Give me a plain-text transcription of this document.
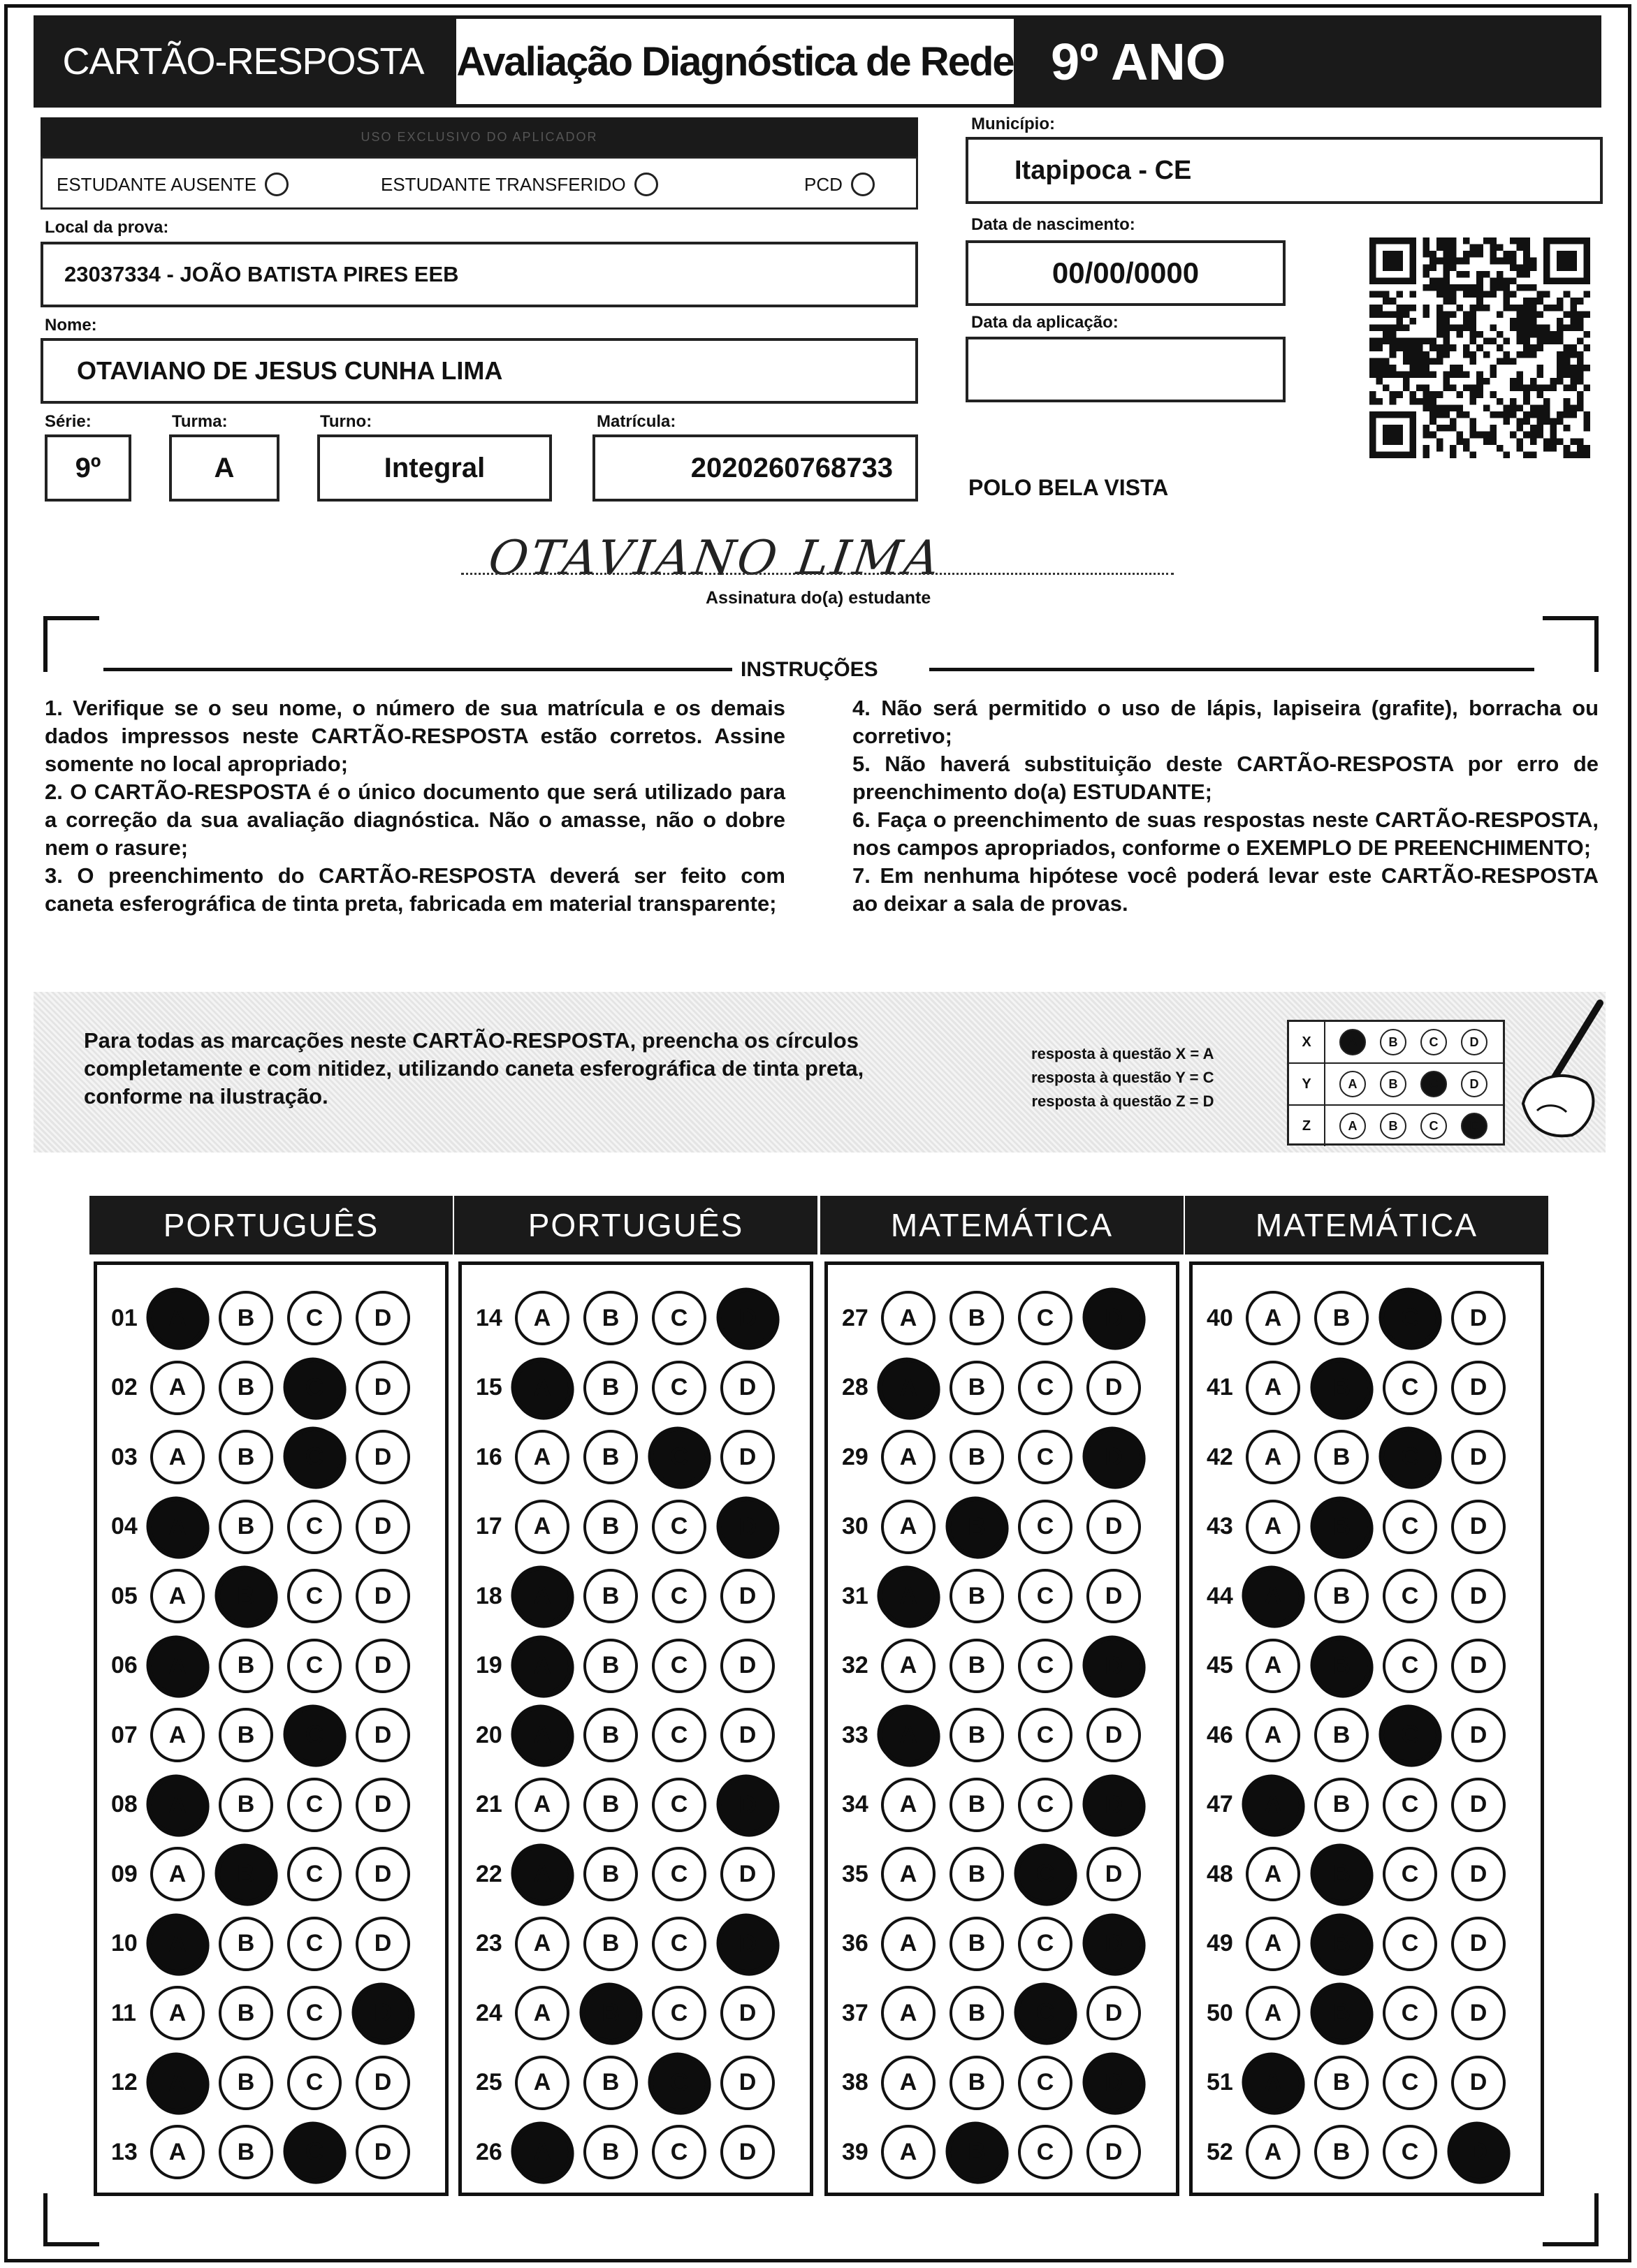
CARTÃO-RESPOSTA Avaliação Diagnóstica de Rede 9º ANO
USO EXCLUSIVO DO APLICADOR
ESTUDANTE AUSENTE	ESTUDANTE TRANSFERIDO	PCD
Local da prova:
23037334 - JOÃO BATISTA PIRES EEB
Nome:
OTAVIANO DE JESUS CUNHA LIMA
Série:
9º
Turma:
A
Turno:
Integral
Matrícula:
2020260768733
Município:
Itapipoca - CE
Data de nascimento:
00/00/0000
Data da aplicação:
POLO BELA VISTA
OTAVIANO LIMA
Assinatura do(a) estudante
INSTRUÇÕES

1. Verifique se o seu nome, o número de sua matrícula e os demais dados impressos neste CARTÃO-RESPOSTA estão corretos. Assine somente no local apropriado;

2. O CARTÃO-RESPOSTA é o único documento que será utilizado para a correção da sua avaliação diagnóstica. Não o amasse, não o dobre nem o rasure;

3. O preenchimento do CARTÃO-RESPOSTA deverá ser feito com caneta esferográfica de tinta preta, fabricada em material transparente;

4. Não será permitido o uso de lápis, lapiseira (grafite), borracha ou corretivo;

5. Não haverá substituição deste CARTÃO-RESPOSTA por erro de preenchimento do(a) ESTUDANTE;

6. Faça o preenchimento de suas respostas neste CARTÃO-RESPOSTA, nos campos apropriados, conforme o EXEMPLO DE PREENCHIMENTO;

7. Em nenhuma hipótese você poderá levar este CARTÃO-RESPOSTA ao deixar a sala de provas.

Para todas as marcações neste CARTÃO-RESPOSTA, preencha os círculos completamente e com nitidez, utilizando caneta esferográfica de tinta preta, conforme na ilustração.
resposta à questão X = A
resposta à questão Y = C
resposta à questão Z = D
X	A	B	C	D
Y	A	B	C	D
Z	A	B	C	D
PORTUGUÊS
01	A	B	C	D
02	A	B	C	D
03	A	B	C	D
04	A	B	C	D
05	A	B	C	D
06	A	B	C	D
07	A	B	C	D
08	A	B	C	D
09	A	B	C	D
10	A	B	C	D
11	A	B	C	D
12	A	B	C	D
13	A	B	C	D
PORTUGUÊS
14	A	B	C	D
15	A	B	C	D
16	A	B	C	D
17	A	B	C	D
18	A	B	C	D
19	A	B	C	D
20	A	B	C	D
21	A	B	C	D
22	A	B	C	D
23	A	B	C	D
24	A	B	C	D
25	A	B	C	D
26	A	B	C	D
MATEMÁTICA
27	A	B	C	D
28	A	B	C	D
29	A	B	C	D
30	A	B	C	D
31	A	B	C	D
32	A	B	C	D
33	A	B	C	D
34	A	B	C	D
35	A	B	C	D
36	A	B	C	D
37	A	B	C	D
38	A	B	C	D
39	A	B	C	D
MATEMÁTICA
40	A	B	C	D
41	A	B	C	D
42	A	B	C	D
43	A	B	C	D
44	A	B	C	D
45	A	B	C	D
46	A	B	C	D
47	A	B	C	D
48	A	B	C	D
49	A	B	C	D
50	A	B	C	D
51	A	B	C	D
52	A	B	C	D
